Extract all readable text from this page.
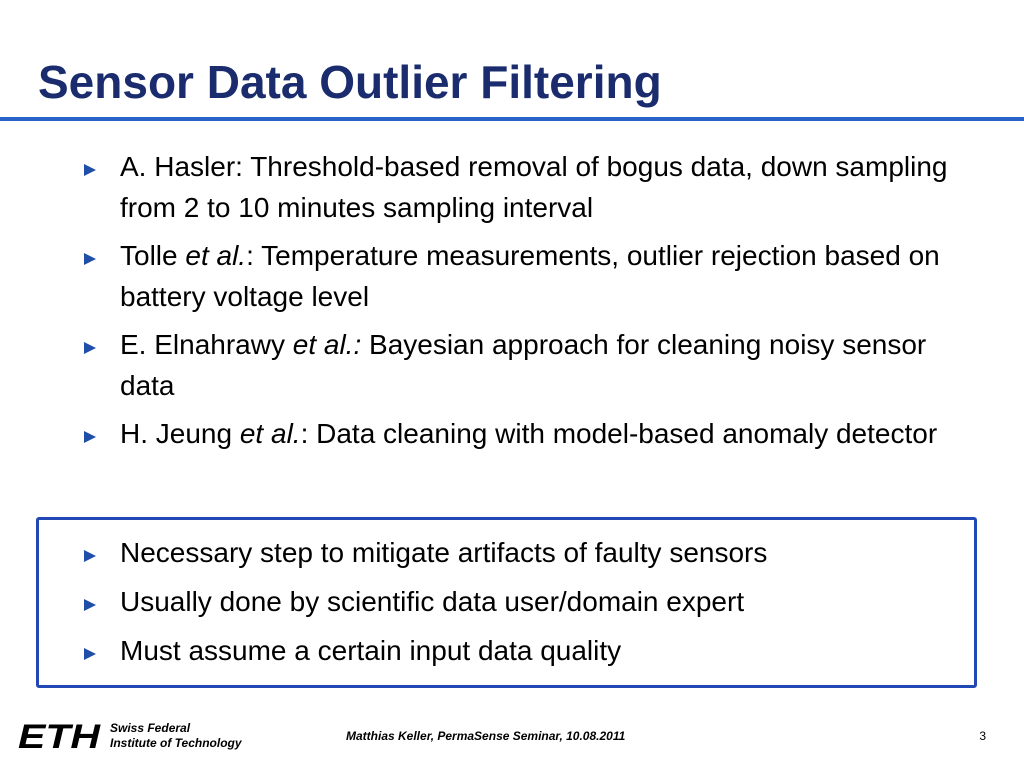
Sensor Data Outlier Filtering
A. Hasler: Threshold-based removal of bogus data, down sampling from 2 to 10 minutes sampling interval
Tolle et al.: Temperature measurements, outlier rejection based on battery voltage level
E. Elnahrawy et al.: Bayesian approach for cleaning noisy sensor data
H. Jeung et al.: Data cleaning with model-based anomaly detector
Necessary step to mitigate artifacts of faulty sensors
Usually done by scientific data user/domain expert
Must assume a certain input data quality
ETH Swiss Federal
Institute of Technology	Matthias Keller, PermaSense Seminar, 10.08.2011	3
